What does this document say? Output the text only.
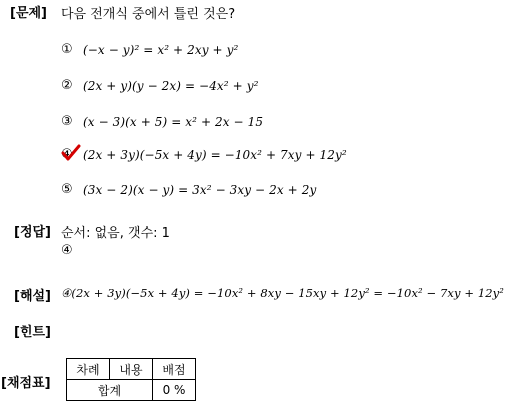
[문제] 다음 전개식 중에서 틀린 것은?
① (−x − y)² = x² + 2xy + y²
② (2x + y)(y − 2x) = −4x² + y²
③ (x − 3)(x + 5) = x² + 2x − 15
④ (2x + 3y)(−5x + 4y) = −10x² + 7xy + 12y²
⑤ (3x − 2)(x − y) = 3x² − 3xy − 2x + 2y
[정답] 순서: 없음, 갯수: 1
④
[해설] ④(2x + 3y)(−5x + 4y) = −10x² + 8xy − 15xy + 12y² = −10x² − 7xy + 12y²
[힌트]
[채점표]
차례	내용	배점
합계		0 %
